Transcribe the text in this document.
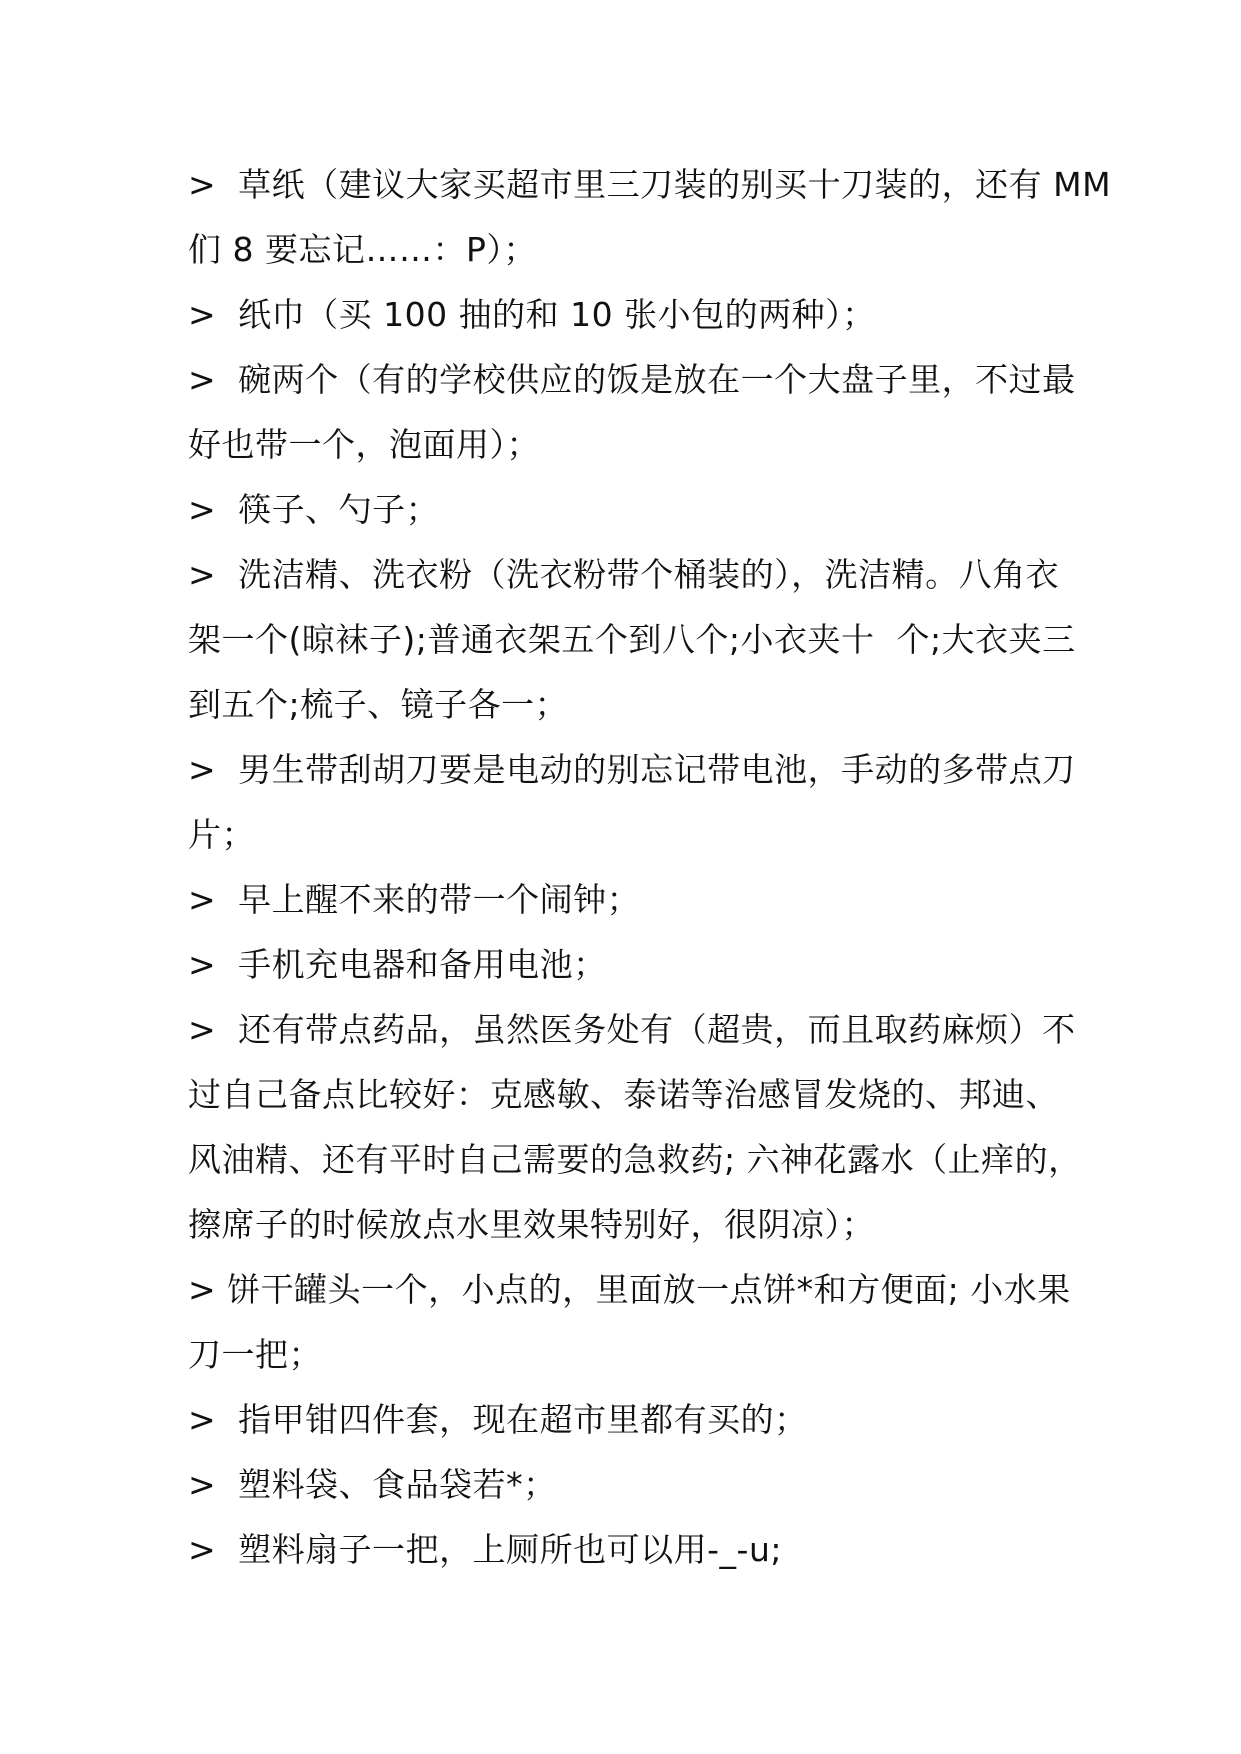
>  草纸（建议大家买超市里三刀装的别买十刀装的，还有 MM
们 8 要忘记……：P）；
>  纸巾（买 100 抽的和 10 张小包的两种）；
>  碗两个（有的学校供应的饭是放在一个大盘子里，不过最
好也带一个，泡面用）；
>  筷子、勺子；
>  洗洁精、洗衣粉（洗衣粉带个桶装的），洗洁精。八角衣
架一个(晾袜子);普通衣架五个到八个;小衣夹十  个;大衣夹三
到五个;梳子、镜子各一；
>  男生带刮胡刀要是电动的别忘记带电池，手动的多带点刀
片；
>  早上醒不来的带一个闹钟；
>  手机充电器和备用电池；
>  还有带点药品，虽然医务处有（超贵，而且取药麻烦）不
过自己备点比较好：克感敏、泰诺等治感冒发烧的、邦迪、
风油精、还有平时自己需要的急救药; 六神花露水（止痒的，
擦席子的时候放点水里效果特别好，很阴凉）；
> 饼干罐头一个，小点的，里面放一点饼*和方便面; 小水果
刀一把；
>  指甲钳四件套，现在超市里都有买的；
>  塑料袋、食品袋若*；
>  塑料扇子一把，上厕所也可以用-_-u;
